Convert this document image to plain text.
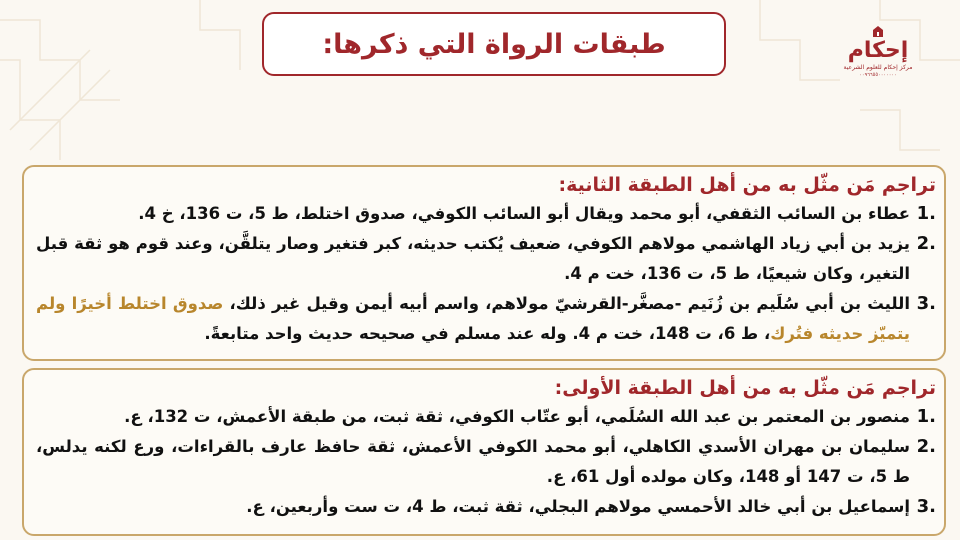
طبقات الرواة التي ذكرها:	إحكام
مركز إحكام للعلوم الشرعية
٠٠٩٦٦٥٥٠٠٠٠٠٠٠
تراجم مَن مثّل به من أهل الطبقة الثانية:
.1
عطاء بن السائب الثقفي، أبو محمد ويقال أبو السائب الكوفي، صدوق اختلط، ط 5، ت 136، خ 4.
.2
يزيد بن أبي زياد الهاشمي مولاهم الكوفي، ضعيف يُكتب حديثه، كبر فتغير وصار يتلقَّن، وعند قوم هو ثقة قبل التغير، وكان شيعيًا، ط 5، ت 136، خت م 4.
.3
الليث بن أبي سُلَيم بن زُنَيم -مصغَّر-القرشيّ مولاهم، واسم أبيه أيمن وقيل غير ذلك، صدوق اختلط أخيرًا ولم يتميّز حديثه فتُرك، ط 6، ت 148، خت م 4. وله عند مسلم في صحيحه حديث واحد متابعةً.
تراجم مَن مثّل به من أهل الطبقة الأولى:
.1
منصور بن المعتمر بن عبد الله السُلَمي، أبو عتّاب الكوفي، ثقة ثبت، من طبقة الأعمش، ت 132، ع.
.2
سليمان بن مهران الأسدي الكاهلي، أبو محمد الكوفي الأعمش، ثقة حافظ عارف بالقراءات، ورع لكنه يدلس، ط 5، ت 147 أو 148، وكان مولده أول 61، ع.
.3
إسماعيل بن أبي خالد الأحمسي مولاهم البجلي، ثقة ثبت، ط 4، ت ست وأربعين، ع.
